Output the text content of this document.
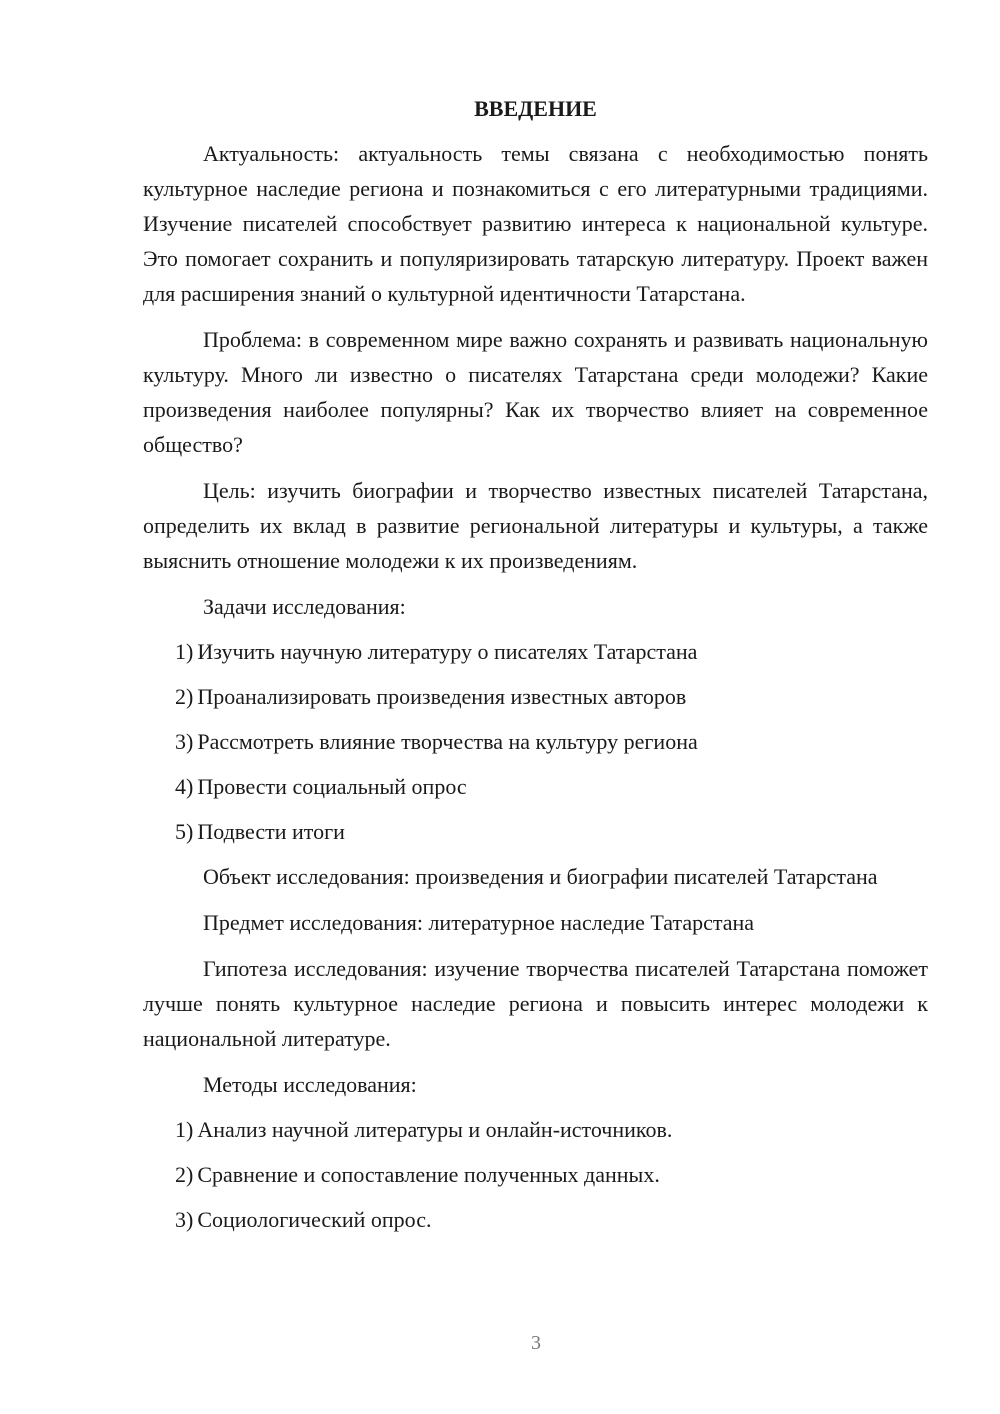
ВВЕДЕНИЕ

Актуальность: актуальность темы связана с необходимостью понять культурное наследие региона и познакомиться с его литературными традициями. Изучение писателей способствует развитию интереса к национальной культуре. Это помогает сохранить и популяризировать татарскую литературу. Проект важен для расширения знаний о культурной идентичности Татарстана.

Проблема: в современном мире важно сохранять и развивать национальную культуру. Много ли известно о писателях Татарстана среди молодежи? Какие произведения наиболее популярны? Как их творчество влияет на современное общество?

Цель: изучить биографии и творчество известных писателей Татарстана, определить их вклад в развитие региональной литературы и культуры, а также выяснить отношение молодежи к их произведениям.

Задачи исследования:

1) Изучить научную литературу о писателях Татарстана

2) Проанализировать произведения известных авторов

3) Рассмотреть влияние творчества на культуру региона

4) Провести социальный опрос

5) Подвести итоги

Объект исследования: произведения и биографии писателей Татарстана

Предмет исследования: литературное наследие Татарстана

Гипотеза исследования: изучение творчества писателей Татарстана поможет лучше понять культурное наследие региона и повысить интерес молодежи к национальной литературе.

Методы исследования:

1) Анализ научной литературы и онлайн-источников.

2) Сравнение и сопоставление полученных данных.

3) Социологический опрос.

3
